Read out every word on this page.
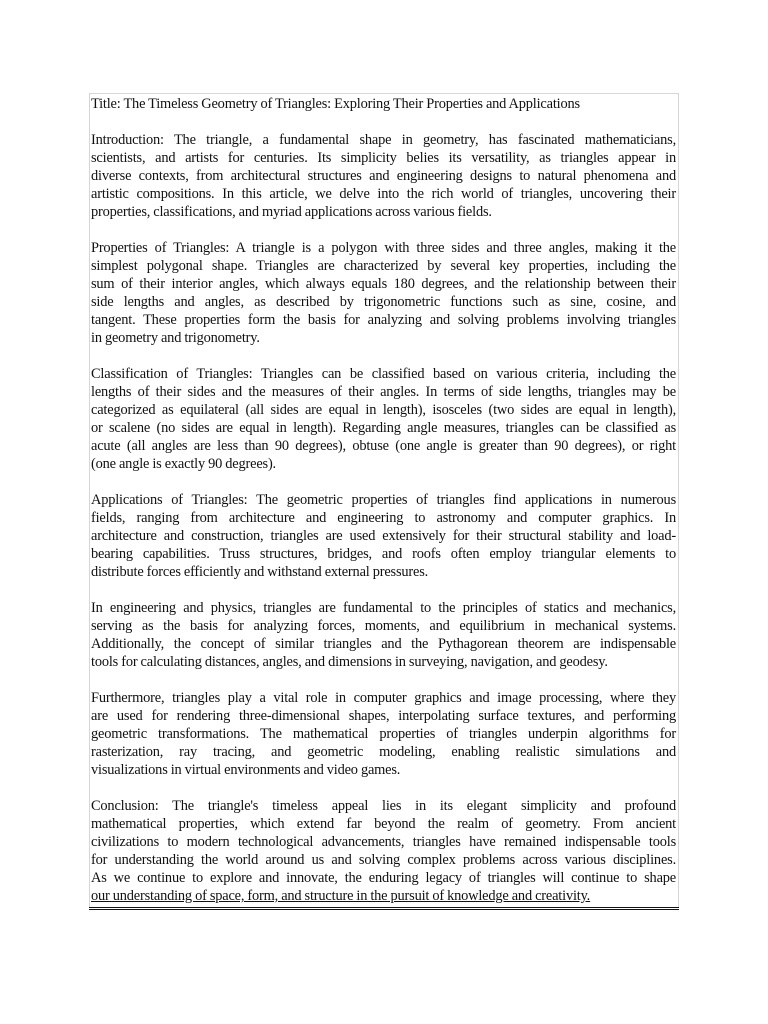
Title: The Timeless Geometry of Triangles: Exploring Their Properties and Applications

Introduction: The triangle, a fundamental shape in geometry, has fascinated mathematicians,
scientists, and artists for centuries. Its simplicity belies its versatility, as triangles appear in
diverse contexts, from architectural structures and engineering designs to natural phenomena and
artistic compositions. In this article, we delve into the rich world of triangles, uncovering their
properties, classifications, and myriad applications across various fields.

Properties of Triangles: A triangle is a polygon with three sides and three angles, making it the
simplest polygonal shape. Triangles are characterized by several key properties, including the
sum of their interior angles, which always equals 180 degrees, and the relationship between their
side lengths and angles, as described by trigonometric functions such as sine, cosine, and
tangent. These properties form the basis for analyzing and solving problems involving triangles
in geometry and trigonometry.

Classification of Triangles: Triangles can be classified based on various criteria, including the
lengths of their sides and the measures of their angles. In terms of side lengths, triangles may be
categorized as equilateral (all sides are equal in length), isosceles (two sides are equal in length),
or scalene (no sides are equal in length). Regarding angle measures, triangles can be classified as
acute (all angles are less than 90 degrees), obtuse (one angle is greater than 90 degrees), or right
(one angle is exactly 90 degrees).

Applications of Triangles: The geometric properties of triangles find applications in numerous
fields, ranging from architecture and engineering to astronomy and computer graphics. In
architecture and construction, triangles are used extensively for their structural stability and load-
bearing capabilities. Truss structures, bridges, and roofs often employ triangular elements to
distribute forces efficiently and withstand external pressures.

In engineering and physics, triangles are fundamental to the principles of statics and mechanics,
serving as the basis for analyzing forces, moments, and equilibrium in mechanical systems.
Additionally, the concept of similar triangles and the Pythagorean theorem are indispensable
tools for calculating distances, angles, and dimensions in surveying, navigation, and geodesy.

Furthermore, triangles play a vital role in computer graphics and image processing, where they
are used for rendering three-dimensional shapes, interpolating surface textures, and performing
geometric transformations. The mathematical properties of triangles underpin algorithms for
rasterization, ray tracing, and geometric modeling, enabling realistic simulations and
visualizations in virtual environments and video games.

Conclusion: The triangle's timeless appeal lies in its elegant simplicity and profound
mathematical properties, which extend far beyond the realm of geometry. From ancient
civilizations to modern technological advancements, triangles have remained indispensable tools
for understanding the world around us and solving complex problems across various disciplines.
As we continue to explore and innovate, the enduring legacy of triangles will continue to shape
our understanding of space, form, and structure in the pursuit of knowledge and creativity.
